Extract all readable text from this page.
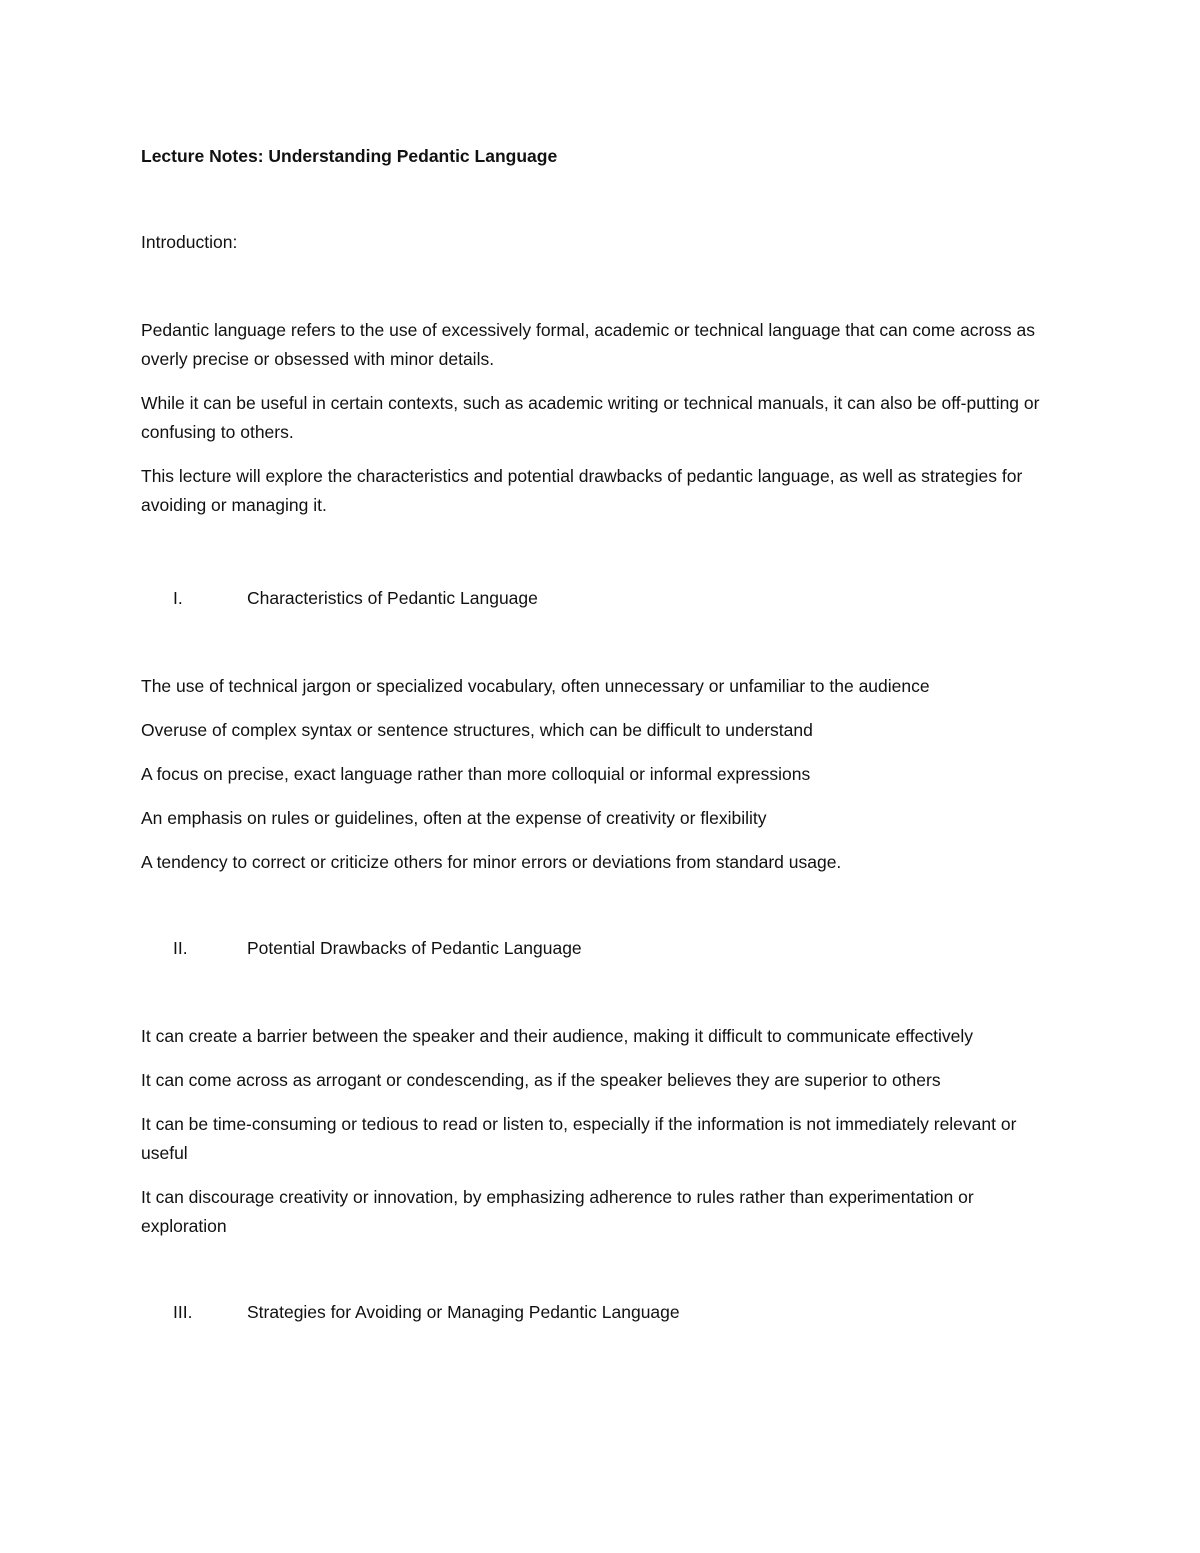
Lecture Notes: Understanding Pedantic Language

Introduction:

Pedantic language refers to the use of excessively formal, academic or technical language that can come across as overly precise or obsessed with minor details.

While it can be useful in certain contexts, such as academic writing or technical manuals, it can also be off-putting or confusing to others.

This lecture will explore the characteristics and potential drawbacks of pedantic language, as well as strategies for avoiding or managing it.

I.	Characteristics of Pedantic Language
The use of technical jargon or specialized vocabulary, often unnecessary or unfamiliar to the audience
Overuse of complex syntax or sentence structures, which can be difficult to understand
A focus on precise, exact language rather than more colloquial or informal expressions
An emphasis on rules or guidelines, often at the expense of creativity or flexibility
A tendency to correct or criticize others for minor errors or deviations from standard usage.
II.	Potential Drawbacks of Pedantic Language
It can create a barrier between the speaker and their audience, making it difficult to communicate effectively
It can come across as arrogant or condescending, as if the speaker believes they are superior to others
It can be time-consuming or tedious to read or listen to, especially if the information is not immediately relevant or useful
It can discourage creativity or innovation, by emphasizing adherence to rules rather than experimentation or exploration
III.	Strategies for Avoiding or Managing Pedantic Language
